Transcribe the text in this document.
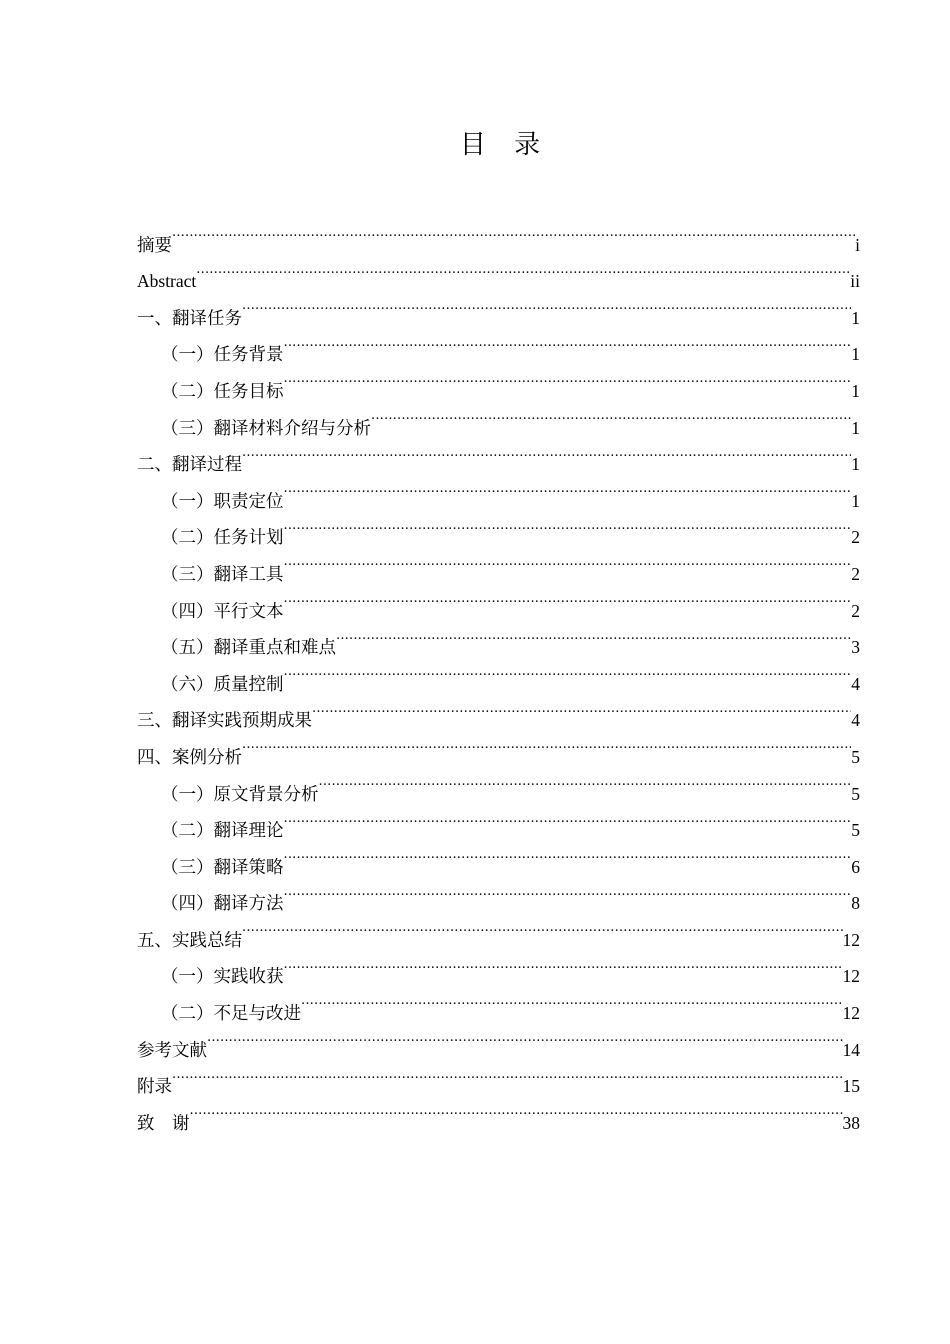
目 录
摘要 .....	i
Abstract .....	ii
一、翻译任务 .....	1
（一）任务背景 .....	1
（二）任务目标 .....	1
（三）翻译材料介绍与分析 .....	1
二、翻译过程 .....	1
（一）职责定位 .....	1
（二）任务计划 .....	2
（三）翻译工具 .....	2
（四）平行文本 .....	2
（五）翻译重点和难点 .....	3
（六）质量控制 .....	4
三、翻译实践预期成果 .....	4
四、案例分析 .....	5
（一）原文背景分析 .....	5
（二）翻译理论 .....	5
（三）翻译策略 .....	6
（四）翻译方法 .....	8
五、实践总结 .....	12
（一）实践收获 .....	12
（二）不足与改进 .....	12
参考文献 .....	14
附录 .....	15
致　谢 .....	38
